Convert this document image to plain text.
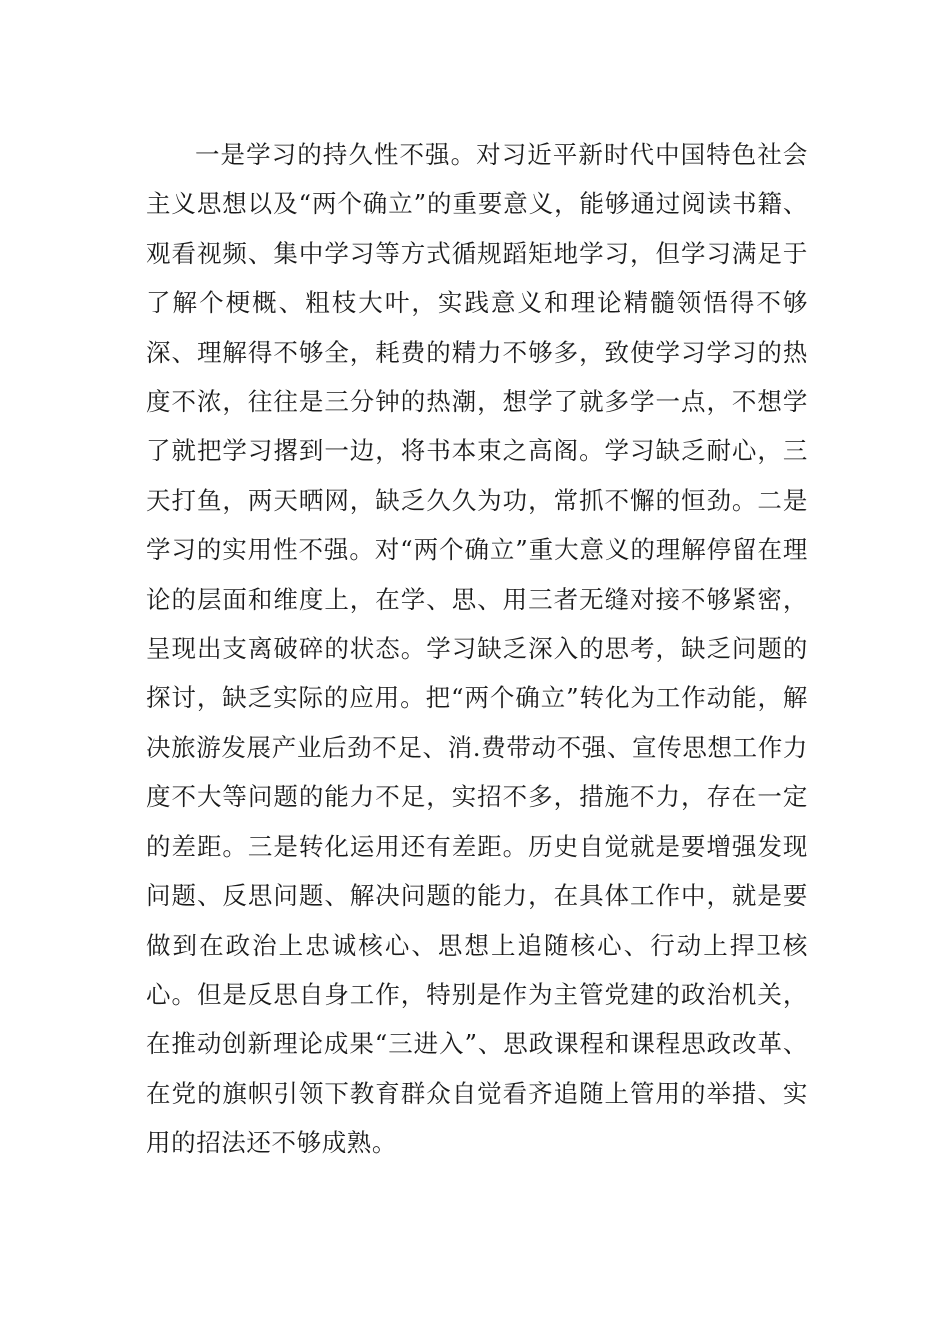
一是学习的持久性不强。对习近平新时代中国特色社会主义思想以及“两个确立”的重要意义，能够通过阅读书籍、观看视频、集中学习等方式循规蹈矩地学习，但学习满足于了解个梗概、粗枝大叶，实践意义和理论精髓领悟得不够深、理解得不够全，耗费的精力不够多，致使学习学习的热度不浓，往往是三分钟的热潮，想学了就多学一点，不想学了就把学习撂到一边，将书本束之高阁。学习缺乏耐心，三天打鱼，两天晒网，缺乏久久为功，常抓不懈的恒劲。二是学习的实用性不强。对“两个确立”重大意义的理解停留在理论的层面和维度上，在学、思、用三者无缝对接不够紧密，呈现出支离破碎的状态。学习缺乏深入的思考，缺乏问题的探讨，缺乏实际的应用。把“两个确立”转化为工作动能，解决旅游发展产业后劲不足、消.费带动不强、宣传思想工作力度不大等问题的能力不足，实招不多，措施不力，存在一定的差距。三是转化运用还有差距。历史自觉就是要增强发现问题、反思问题、解决问题的能力，在具体工作中，就是要做到在政治上忠诚核心、思想上追随核心、行动上捍卫核心。但是反思自身工作，特别是作为主管党建的政治机关，在推动创新理论成果“三进入”、思政课程和课程思政改革、在党的旗帜引领下教育群众自觉看齐追随上管用的举措、实用的招法还不够成熟。
